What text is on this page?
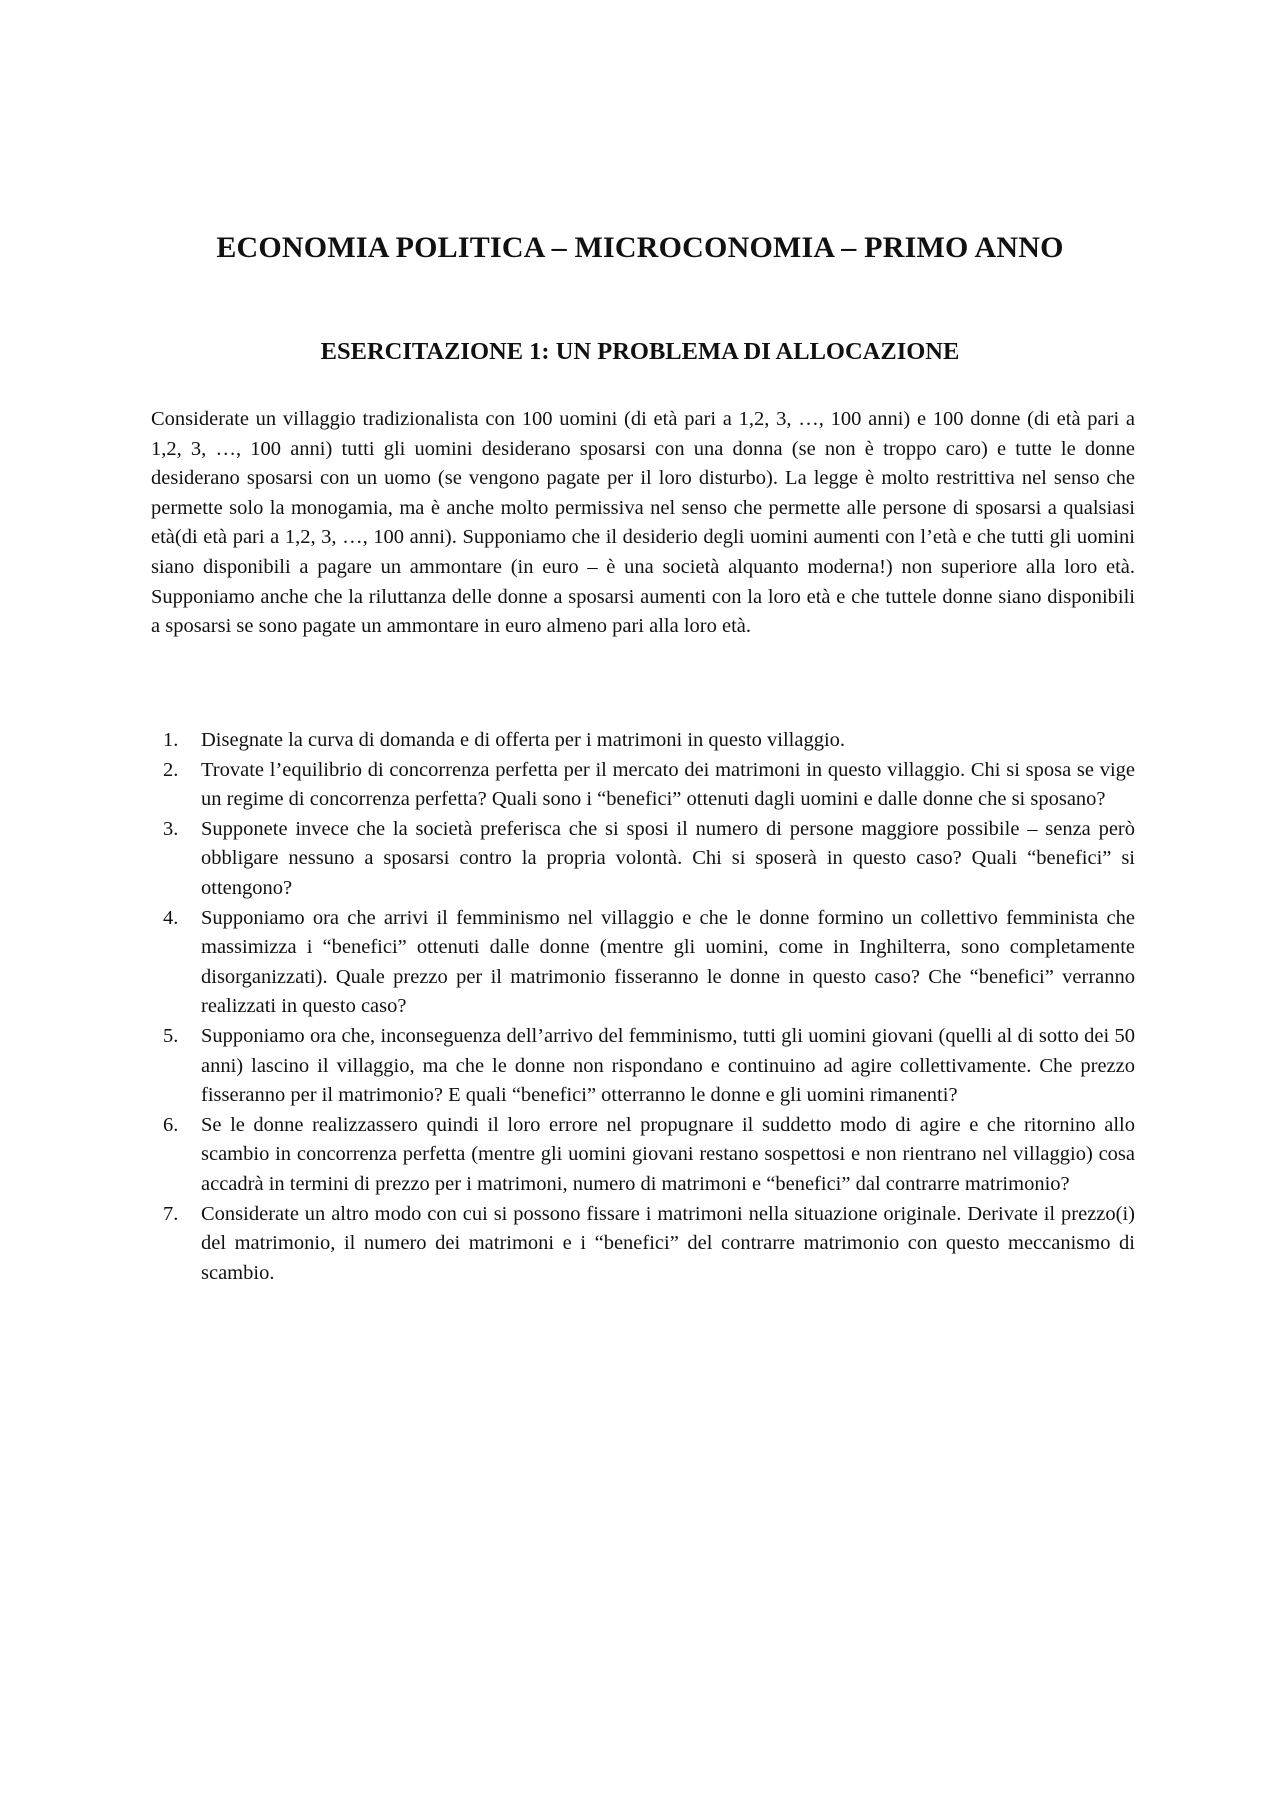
ECONOMIA POLITICA – MICROCONOMIA – PRIMO ANNO
ESERCITAZIONE 1: UN PROBLEMA DI ALLOCAZIONE

Considerate un villaggio tradizionalista con 100 uomini (di età pari a 1,2, 3, …, 100 anni) e 100 donne (di età pari a 1,2, 3, …, 100 anni) tutti gli uomini desiderano sposarsi con una donna (se non è troppo caro) e tutte le donne desiderano sposarsi con un uomo (se vengono pagate per il loro disturbo). La legge è molto restrittiva nel senso che permette solo la monogamia, ma è anche molto permissiva nel senso che permette alle persone di sposarsi a qualsiasi età(di età pari a 1,2, 3, …, 100 anni). Supponiamo che il desiderio degli uomini aumenti con l’età e che tutti gli uomini siano disponibili a pagare un ammontare (in euro – è una società alquanto moderna!) non superiore alla loro età. Supponiamo anche che la riluttanza delle donne a sposarsi aumenti con la loro età e che tuttele donne siano disponibili a sposarsi se sono pagate un ammontare in euro almeno pari alla loro età.

1. Disegnate la curva di domanda e di offerta per i matrimoni in questo villaggio.
2. Trovate l’equilibrio di concorrenza perfetta per il mercato dei matrimoni in questo villaggio. Chi si sposa se vige un regime di concorrenza perfetta? Quali sono i “benefici” ottenuti dagli uomini e dalle donne che si sposano?
3. Supponete invece che la società preferisca che si sposi il numero di persone maggiore possibile – senza però obbligare nessuno a sposarsi contro la propria volontà. Chi si sposerà in questo caso? Quali “benefici” si ottengono?
4. Supponiamo ora che arrivi il femminismo nel villaggio e che le donne formino un collettivo femminista che massimizza i “benefici” ottenuti dalle donne (mentre gli uomini, come in Inghilterra, sono completamente disorganizzati). Quale prezzo per il matrimonio fisseranno le donne in questo caso? Che “benefici” verranno realizzati in questo caso?
5. Supponiamo ora che, inconseguenza dell’arrivo del femminismo, tutti gli uomini giovani (quelli al di sotto dei 50 anni) lascino il villaggio, ma che le donne non rispondano e continuino ad agire collettivamente. Che prezzo fisseranno per il matrimonio? E quali “benefici” otterranno le donne e gli uomini rimanenti?
6. Se le donne realizzassero quindi il loro errore nel propugnare il suddetto modo di agire e che ritornino allo scambio in concorrenza perfetta (mentre gli uomini giovani restano sospettosi e non rientrano nel villaggio) cosa accadrà in termini di prezzo per i matrimoni, numero di matrimoni e “benefici” dal contrarre matrimonio?
7. Considerate un altro modo con cui si possono fissare i matrimoni nella situazione originale. Derivate il prezzo(i) del matrimonio, il numero dei matrimoni e i “benefici” del contrarre matrimonio con questo meccanismo di scambio.
